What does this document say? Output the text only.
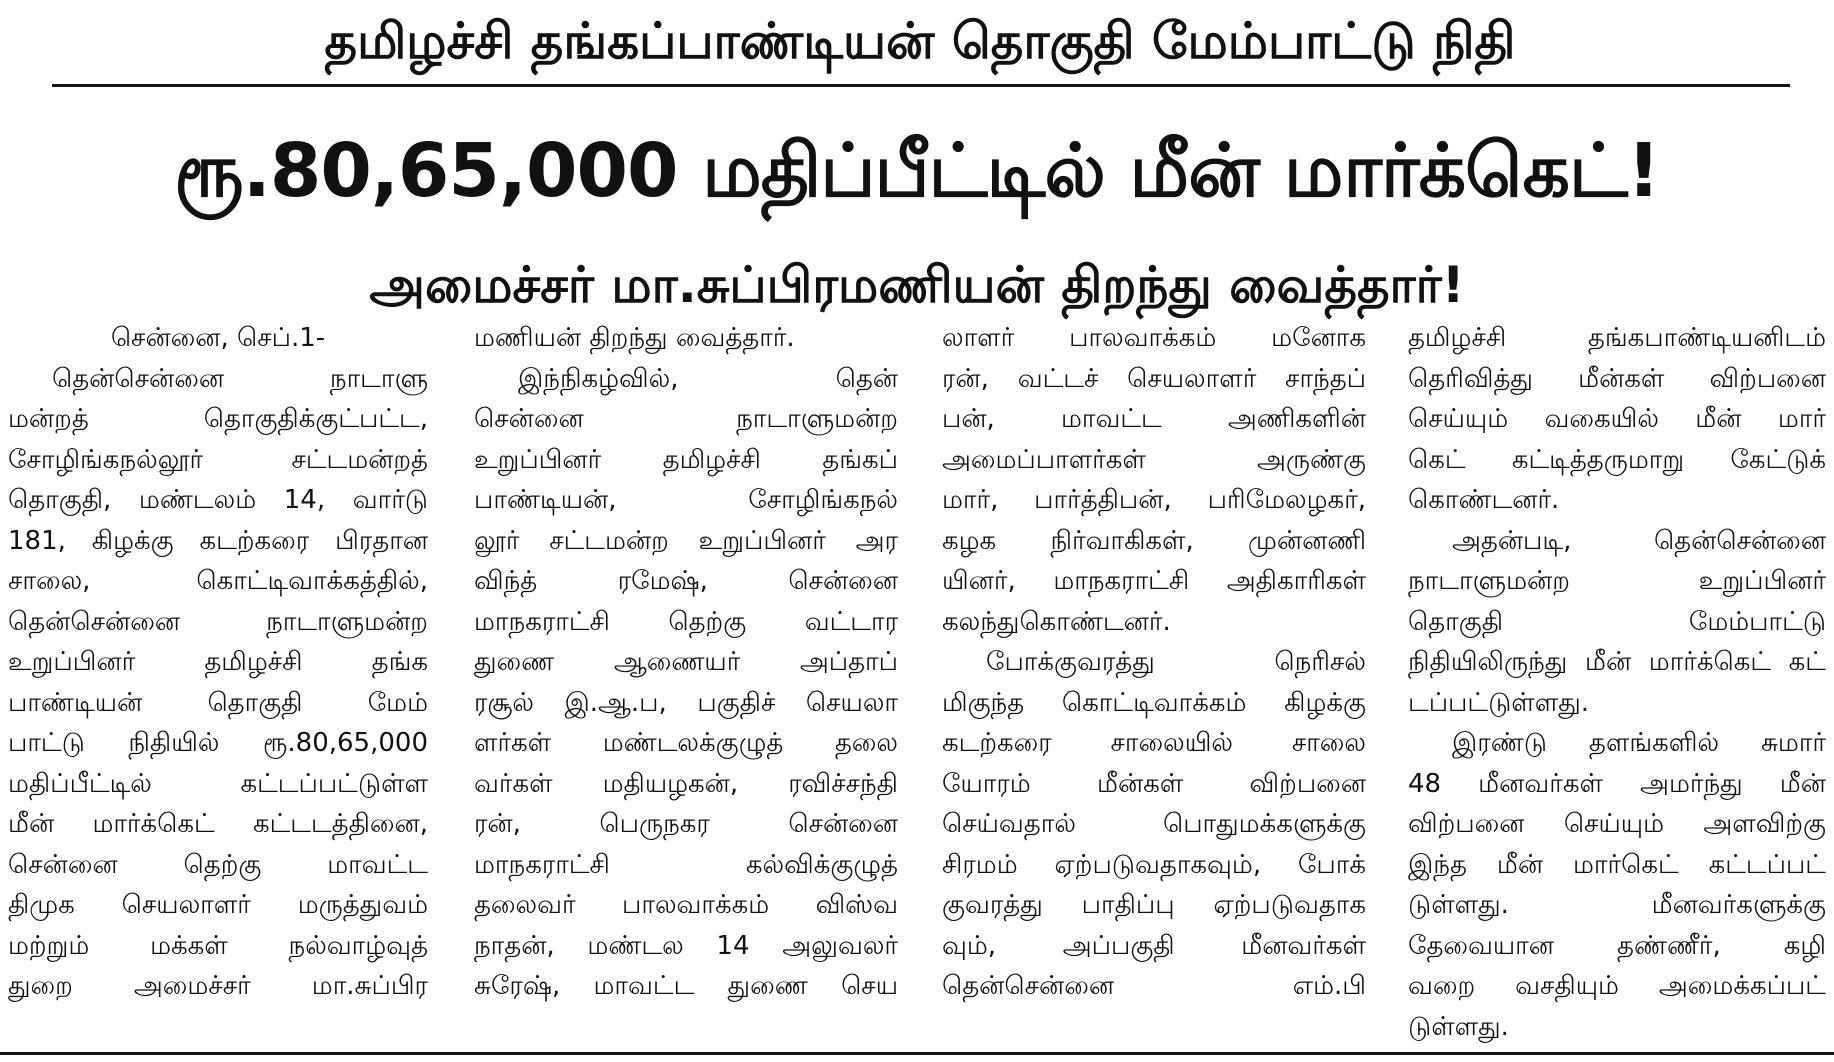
தமிழச்சி தங்கப்பாண்டியன் தொகுதி மேம்பாட்டு நிதி
ரூ.80,65,000 மதிப்பீட்டில் மீன் மார்க்கெட்!
அமைச்சர் மா.சுப்பிரமணியன் திறந்து வைத்தார்!
சென்னை, செப்.1-
தென்சென்னை நாடாளு
மன்றத் தொகுதிக்குட்பட்ட,
சோழிங்கநல்லூர் சட்டமன்றத்
தொகுதி, மண்டலம் 14, வார்டு
181, கிழக்கு கடற்கரை பிரதான
சாலை, கொட்டிவாக்கத்தில்,
தென்சென்னை நாடாளுமன்ற
உறுப்பினர் தமிழச்சி தங்க
பாண்டியன் தொகுதி மேம்
பாட்டு நிதியில் ரூ.80,65,000
மதிப்பீட்டில் கட்டப்பட்டுள்ள
மீன் மார்க்கெட் கட்டடத்தினை,
சென்னை தெற்கு மாவட்ட
திமுக செயலாளர் மருத்துவம்
மற்றும் மக்கள் நல்வாழ்வுத்
துறை அமைச்சர் மா.சுப்பிர
மணியன் திறந்து வைத்தார்.
இந்நிகழ்வில், தென்
சென்னை நாடாளுமன்ற
உறுப்பினர் தமிழச்சி தங்கப்
பாண்டியன், சோழிங்கநல்
லூர் சட்டமன்ற உறுப்பினர் அர
விந்த் ரமேஷ், சென்னை
மாநகராட்சி தெற்கு வட்டார
துணை ஆணையர் அப்தாப்
ரசூல் இ.ஆ.ப, பகுதிச் செயலா
ளர்கள் மண்டலக்குழுத் தலை
வர்கள் மதியழகன், ரவிச்சந்தி
ரன், பெருநகர சென்னை
மாநகராட்சி கல்விக்குழுத்
தலைவர் பாலவாக்கம் விஸ்வ
நாதன், மண்டல 14 அலுவலர்
சுரேஷ், மாவட்ட துணை செய
லாளர் பாலவாக்கம் மனோக
ரன், வட்டச் செயலாளர் சாந்தப்
பன், மாவட்ட அணிகளின்
அமைப்பாளர்கள் அருண்கு
மார், பார்த்திபன், பரிமேலழகர்,
கழக நிர்வாகிகள், முன்னணி
யினர், மாநகராட்சி அதிகாரிகள்
கலந்துகொண்டனர்.
போக்குவரத்து நெரிசல்
மிகுந்த கொட்டிவாக்கம் கிழக்கு
கடற்கரை சாலையில் சாலை
யோரம் மீன்கள் விற்பனை
செய்வதால் பொதுமக்களுக்கு
சிரமம் ஏற்படுவதாகவும், போக்
குவரத்து பாதிப்பு ஏற்படுவதாக
வும், அப்பகுதி மீனவர்கள்
தென்சென்னை எம்.பி
தமிழச்சி தங்கபாண்டியனிடம்
தெரிவித்து மீன்கள் விற்பனை
செய்யும் வகையில் மீன் மார்
கெட் கட்டித்தருமாறு கேட்டுக்
கொண்டனர்.
அதன்படி, தென்சென்னை
நாடாளுமன்ற உறுப்பினர்
தொகுதி மேம்பாட்டு
நிதியிலிருந்து மீன் மார்க்கெட் கட்
டப்பட்டுள்ளது.
இரண்டு தளங்களில் சுமார்
48 மீனவர்கள் அமர்ந்து மீன்
விற்பனை செய்யும் அளவிற்கு
இந்த மீன் மார்கெட் கட்டப்பட்
டுள்ளது. மீனவர்களுக்கு
தேவையான தண்ணீர், கழி
வறை வசதியும் அமைக்கப்பட்
டுள்ளது.
